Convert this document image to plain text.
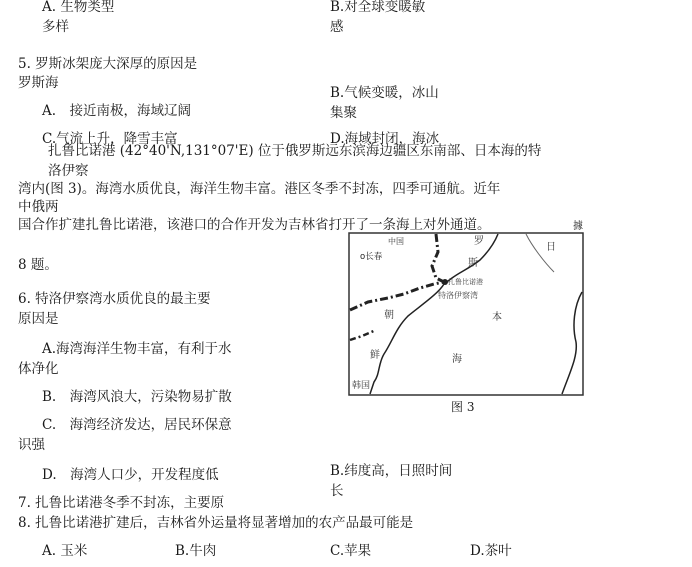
A. 生物类型
多样
B.对全球变暖敏
感
5. 罗斯冰架庞大深厚的原因是
罗斯海
A.　接近南极，海域辽阔
B.气候变暖，冰山
集聚
C.气流上升，降雪丰富	D.海域封闭，海冰
扎鲁比诺港 (42°40'N,131°07'E) 位于俄罗斯远东滨海边疆区东南部、日本海的特
洛伊察
湾内(图 3)。海湾水质优良，海洋生物丰富。港区冬季不封冻，四季可通航。近年
中俄两
国合作扩建扎鲁比诺港，该港口的合作开发为吉林省打开了一条海上对外通道。	據
8 题。
中国
o长春
罗
斯
扎鲁比诺港
特洛伊察湾
日
本
海
朝
鲜
韩国
图 3
6. 特洛伊察湾水质优良的最主要
原因是
A.海湾海洋生物丰富，有利于水
体净化
B.　海湾风浪大，污染物易扩散
C.　海湾经济发达，居民环保意
识强
D.　海湾人口少，开发程度低	B.纬度高，日照时间
长
7. 扎鲁比诺港冬季不封冻，主要原
8. 扎鲁比诺港扩建后，吉林省外运量将显著增加的农产品最可能是
A. 玉米	B.牛肉	C.苹果	D.茶叶
